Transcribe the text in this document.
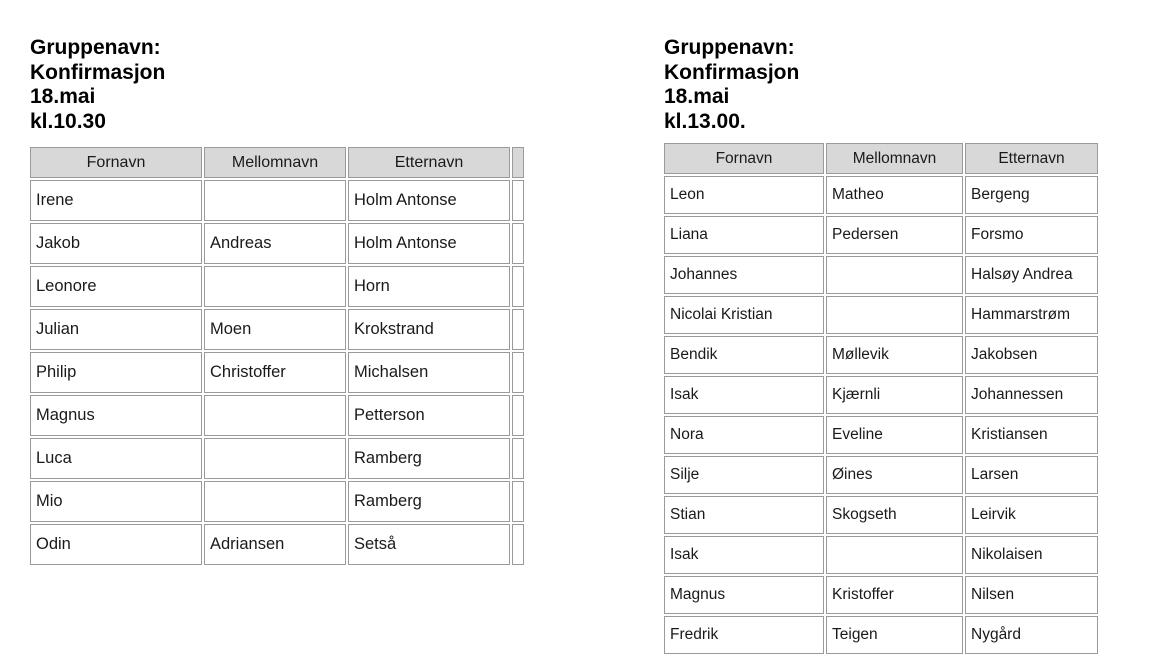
Gruppenavn:
Konfirmasjon
18.mai
kl.10.30
Fornavn	Mellomnavn	Etternavn	
Irene		Holm Antonse	
Jakob	Andreas	Holm Antonse	
Leonore		Horn	
Julian	Moen	Krokstrand	
Philip	Christoffer	Michalsen	
Magnus		Petterson	
Luca		Ramberg	
Mio		Ramberg	
Odin	Adriansen	Setså	
Gruppenavn:
Konfirmasjon
18.mai
kl.13.00.
Fornavn	Mellomnavn	Etternavn
Leon	Matheo	Bergeng
Liana	Pedersen	Forsmo
Johannes		Halsøy Andrea
Nicolai Kristian		Hammarstrøm
Bendik	Møllevik	Jakobsen
Isak	Kjærnli	Johannessen
Nora	Eveline	Kristiansen
Silje	Øines	Larsen
Stian	Skogseth	Leirvik
Isak		Nikolaisen
Magnus	Kristoffer	Nilsen
Fredrik	Teigen	Nygård
